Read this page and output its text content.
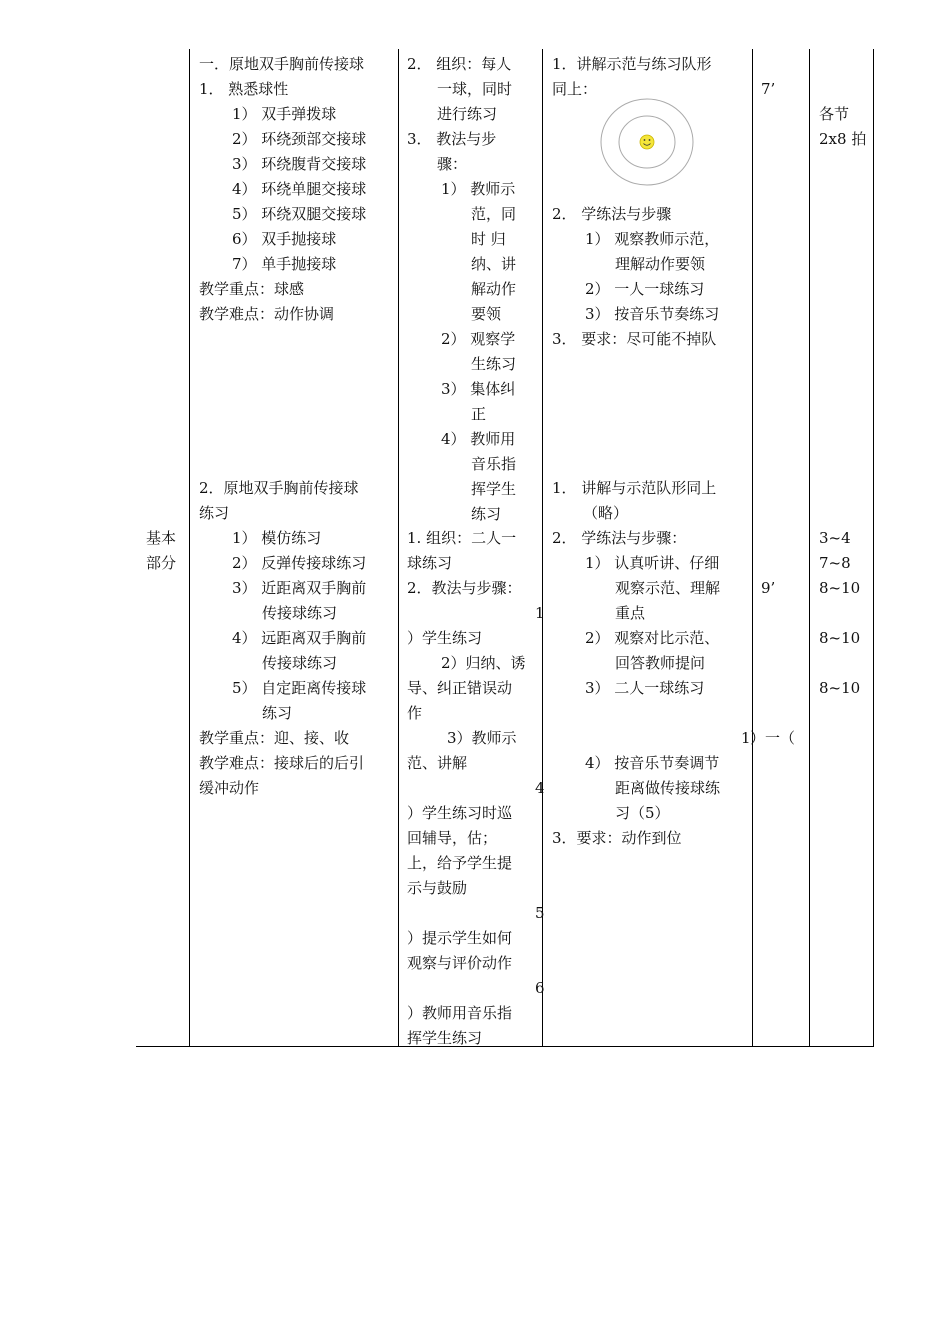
基本
部分
一．原地双手胸前传接球
1． 熟悉球性
1） 双手弹拨球
2） 环绕颈部交接球
3） 环绕腹背交接球
4） 环绕单腿交接球
5） 环绕双腿交接球
6） 双手抛接球
7） 单手抛接球
教学重点：球感
教学难点：动作协调
2．原地双手胸前传接球
练习
1） 模仿练习
2） 反弹传接球练习
3） 近距离双手胸前
传接球练习
4） 远距离双手胸前
传接球练习
5） 自定距离传接球
练习
教学重点：迎、接、收
教学难点：接球后的后引
缓冲动作
2． 组织：每人
一球，同时
进行练习
3． 教法与步
骤：
1） 教师示
范，同
时 归
纳、讲
解动作
要领
2） 观察学
生练习
3） 集体纠
正
4） 教师用
音乐指
挥学生
练习
1. 组织：二人一
球练习
2．教法与步骤：
1
）学生练习
2）归纳、诱
导、纠正错误动
作
3）教师示
范、讲解
4
）学生练习时巡
回辅导，估；
上，给予学生提
示与鼓励
5
）提示学生如何
观察与评价动作
6
）教师用音乐指
挥学生练习
1．讲解示范与练习队形
同上：
2． 学练法与步骤
1） 观察教师示范，
理解动作要领
2） 一人一球练习
3） 按音乐节奏练习
3． 要求：尽可能不掉队
1． 讲解与示范队形同上
（略）
2． 学练法与步骤：
1） 认真听讲、仔细
观察示范、理解
重点
2） 观察对比示范、
回答教师提问
3） 二人一球练习
1
4） 按音乐节奏调节
距离做传接球练
习（5）
3．要求：动作到位
7’
9’
）一（
各节
2x8 拍
3~4
7~8
8~10
8~10
8~10
